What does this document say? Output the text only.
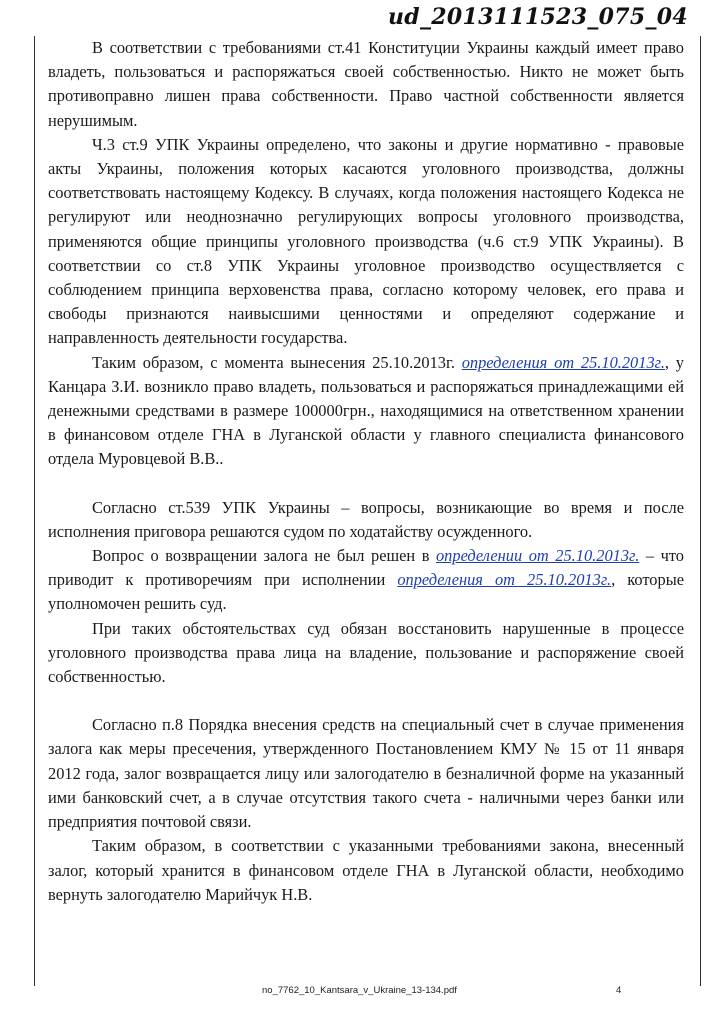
ud_2013111523_075_04

В соответствии с требованиями ст.41 Конституции Украины каждый имеет право владеть, пользоваться и распоряжаться своей собственностью. Никто не может быть противоправно лишен права собственности. Право частной собственности является нерушимым.

Ч.3 ст.9 УПК Украины определено, что законы и другие нормативно - правовые акты Украины, положения которых касаются уголовного производства, должны соответствовать настоящему Кодексу. В случаях, когда положения настоящего Кодекса не регулируют или неоднозначно регулирующих вопросы уголовного производства, применяются общие принципы уголовного производства (ч.6 ст.9 УПК Украины). В соответствии со ст.8 УПК Украины уголовное производство осуществляется с соблюдением принципа верховенства права, согласно которому человек, его права и свободы признаются наивысшими ценностями и определяют содержание и направленность деятельности государства.

Таким образом, с момента вынесения 25.10.2013г. определения от 25.10.2013г., у Канцара З.И. возникло право владеть, пользоваться и распоряжаться принадлежащими ей денежными средствами в размере 100000грн., находящимися на ответственном хранении в финансовом отделе ГНА в Луганской области у главного специалиста финансового отдела Муровцевой В.В..

Согласно ст.539 УПК Украины – вопросы, возникающие во время и после исполнения приговора решаются судом по ходатайству осужденного.

Вопрос о возвращении залога не был решен в определении от 25.10.2013г. – что приводит к противоречиям при исполнении определения от 25.10.2013г., которые уполномочен решить суд.

При таких обстоятельствах суд обязан восстановить нарушенные в процессе уголовного производства права лица на владение, пользование и распоряжение своей собственностью.

Согласно п.8 Порядка внесения средств на специальный счет в случае применения залога как меры пресечения, утвержденного Постановлением КМУ № 15 от 11 января 2012 года, залог возвращается лицу или залогодателю в безналичной форме на указанный ими банковский счет, а в случае отсутствия такого счета - наличными через банки или предприятия почтовой связи.

Таким образом, в соответствии с указанными требованиями закона, внесенный залог, который хранится в финансовом отделе ГНА в Луганской области, необходимо вернуть залогодателю Марийчук Н.В.

no_7762_10_Kantsara_v_Ukraine_13-134.pdf	4
